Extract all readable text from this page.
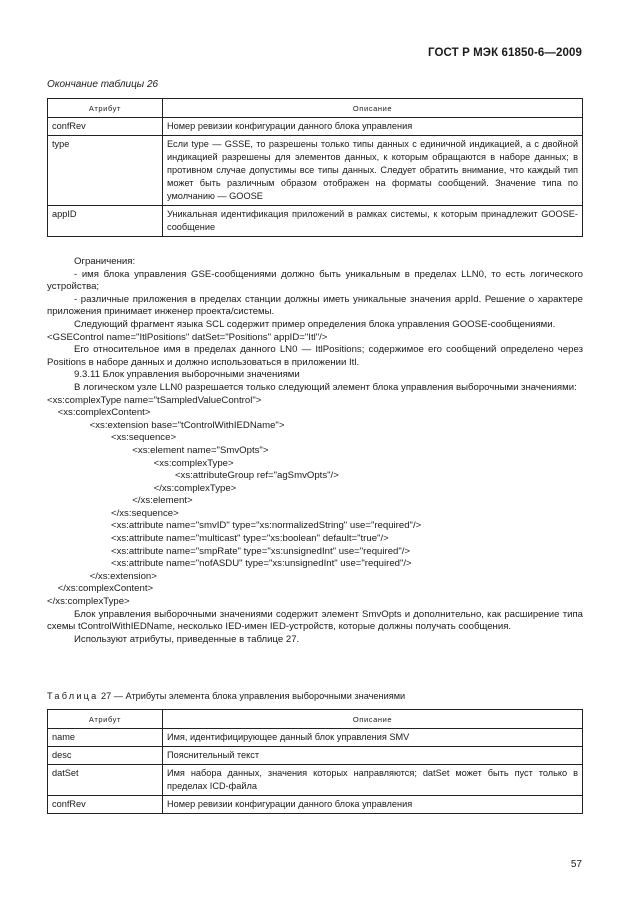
ГОСТ Р МЭК 61850-6—2009
Окончание таблицы 26
Атрибут	Описание
confRev	Номер ревизии конфигурации данного блока управления
type	Если type — GSSE, то разрешены только типы данных с единичной индикацией, а с двойной индикацией разрешены для элементов данных, к которым обращаются в наборе данных; в противном случае допустимы все типы данных. Следует обратить внимание, что каждый тип может быть различным образом отображен на форматы сообщений. Значение типа по умолчанию — GOOSE
appID	Уникальная идентификация приложений в рамках системы, к которым принадлежит GOOSE-сообщение

Ограничения:

- имя блока управления GSE-сообщениями должно быть уникальным в пределах LLN0, то есть логического устройства;

- различные приложения в пределах станции должны иметь уникальные значения appId. Решение о характере приложения принимает инженер проекта/системы.

Следующий фрагмент языка SCL содержит пример определения блока управления GOOSE-сообщениями.

<GSEControl name="ItlPositions" datSet="Positions" appID="Itl"/>

Его относительное имя в пределах данного LN0 — ItlPositions; содержимое его сообщений определено через Positions в наборе данных и должно использоваться в приложении Itl.

9.3.11 Блок управления выборочными значениями

В логическом узле LLN0 разрешается только следующий элемент блока управления выборочными значениями:

<xs:complexType name="tSampledValueControl">

<xs:complexContent>

<xs:extension base="tControlWithIEDName">

<xs:sequence>

<xs:element name="SmvOpts">

<xs:complexType>

<xs:attributeGroup ref="agSmvOpts"/>

</xs:complexType>

</xs:element>

</xs:sequence>

<xs:attribute name="smvID" type="xs:normalizedString" use="required"/>

<xs:attribute name="multicast" type="xs:boolean" default="true"/>

<xs:attribute name="smpRate" type="xs:unsignedInt" use="required"/>

<xs:attribute name="nofASDU" type="xs:unsignedInt" use="required"/>

</xs:extension>

</xs:complexContent>

</xs:complexType>

Блок управления выборочными значениями содержит элемент SmvOpts и дополнительно, как расширение типа схемы tControlWithIEDName, несколько IED-имен IED-устройств, которые должны получать сообщения.

Используют атрибуты, приведенные в таблице 27.

Таблица 27 — Атрибуты элемента блока управления выборочными значениями
Атрибут	Описание
name	Имя, идентифицирующее данный блок управления SMV
desc	Пояснительный текст
datSet	Имя набора данных, значения которых направляются; datSet может быть пуст только в пределах ICD-файла
confRev	Номер ревизии конфигурации данного блока управления
57
